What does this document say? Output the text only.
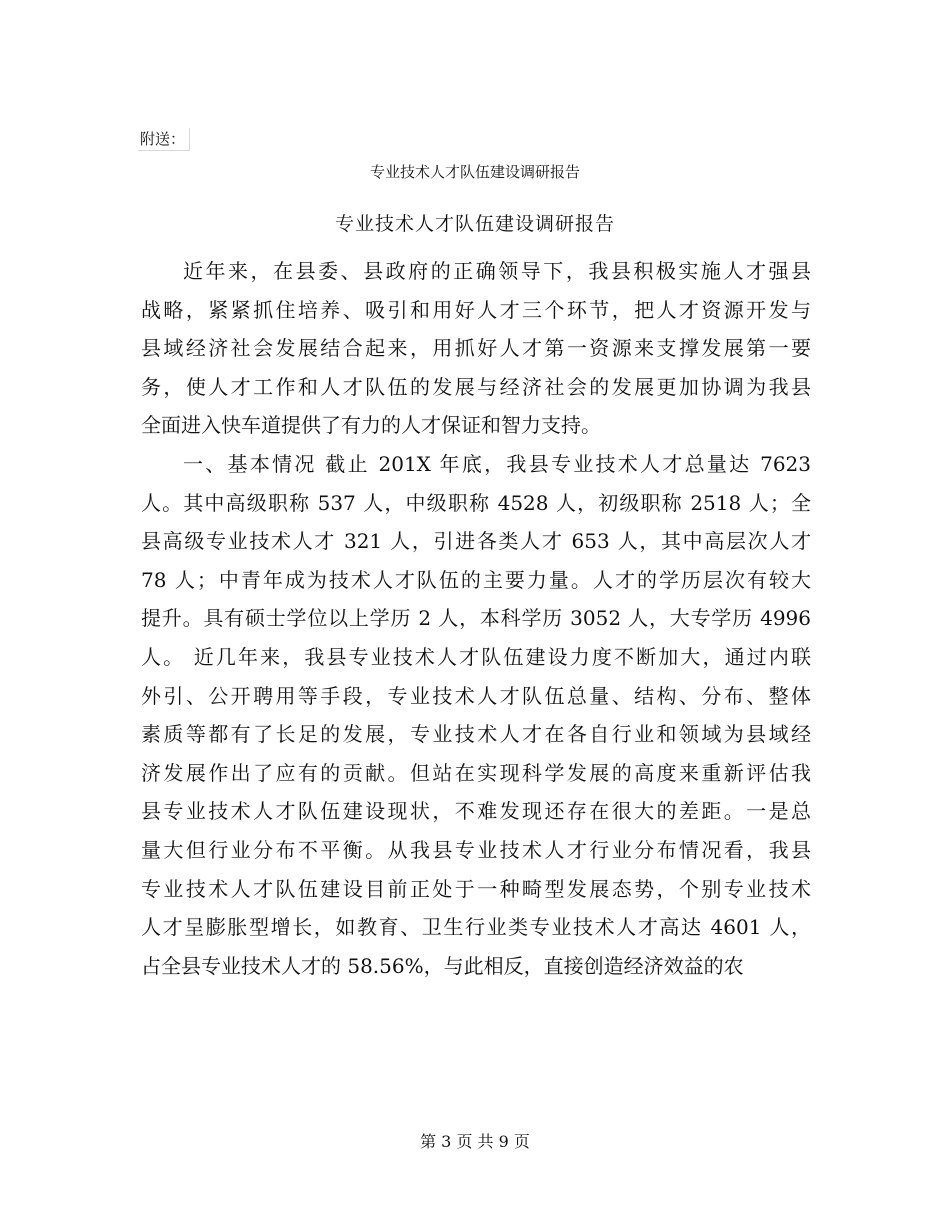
附送：
专业技术人才队伍建设调研报告
专业技术人才队伍建设调研报告
近年来，在县委、县政府的正确领导下，我县积极实施人才强县
战略，紧紧抓住培养、吸引和用好人才三个环节，把人才资源开发与
县域经济社会发展结合起来，用抓好人才第一资源来支撑发展第一要
务，使人才工作和人才队伍的发展与经济社会的发展更加协调为我县
全面进入快车道提供了有力的人才保证和智力支持。
一、基本情况 截止 201X 年底，我县专业技术人才总量达 7623
人。其中高级职称 537 人，中级职称 4528 人，初级职称 2518 人；全
县高级专业技术人才 321 人，引进各类人才 653 人，其中高层次人才
78 人；中青年成为技术人才队伍的主要力量。人才的学历层次有较大
提升。具有硕士学位以上学历 2 人，本科学历 3052 人，大专学历 4996
人。 近几年来，我县专业技术人才队伍建设力度不断加大，通过内联
外引、公开聘用等手段，专业技术人才队伍总量、结构、分布、整体
素质等都有了长足的发展，专业技术人才在各自行业和领域为县域经
济发展作出了应有的贡献。但站在实现科学发展的高度来重新评估我
县专业技术人才队伍建设现状，不难发现还存在很大的差距。一是总
量大但行业分布不平衡。从我县专业技术人才行业分布情况看，我县
专业技术人才队伍建设目前正处于一种畸型发展态势，个别专业技术
人才呈膨胀型增长，如教育、卫生行业类专业技术人才高达 4601 人，
占全县专业技术人才的 58.56%，与此相反，直接创造经济效益的农
第 3 页 共 9 页
